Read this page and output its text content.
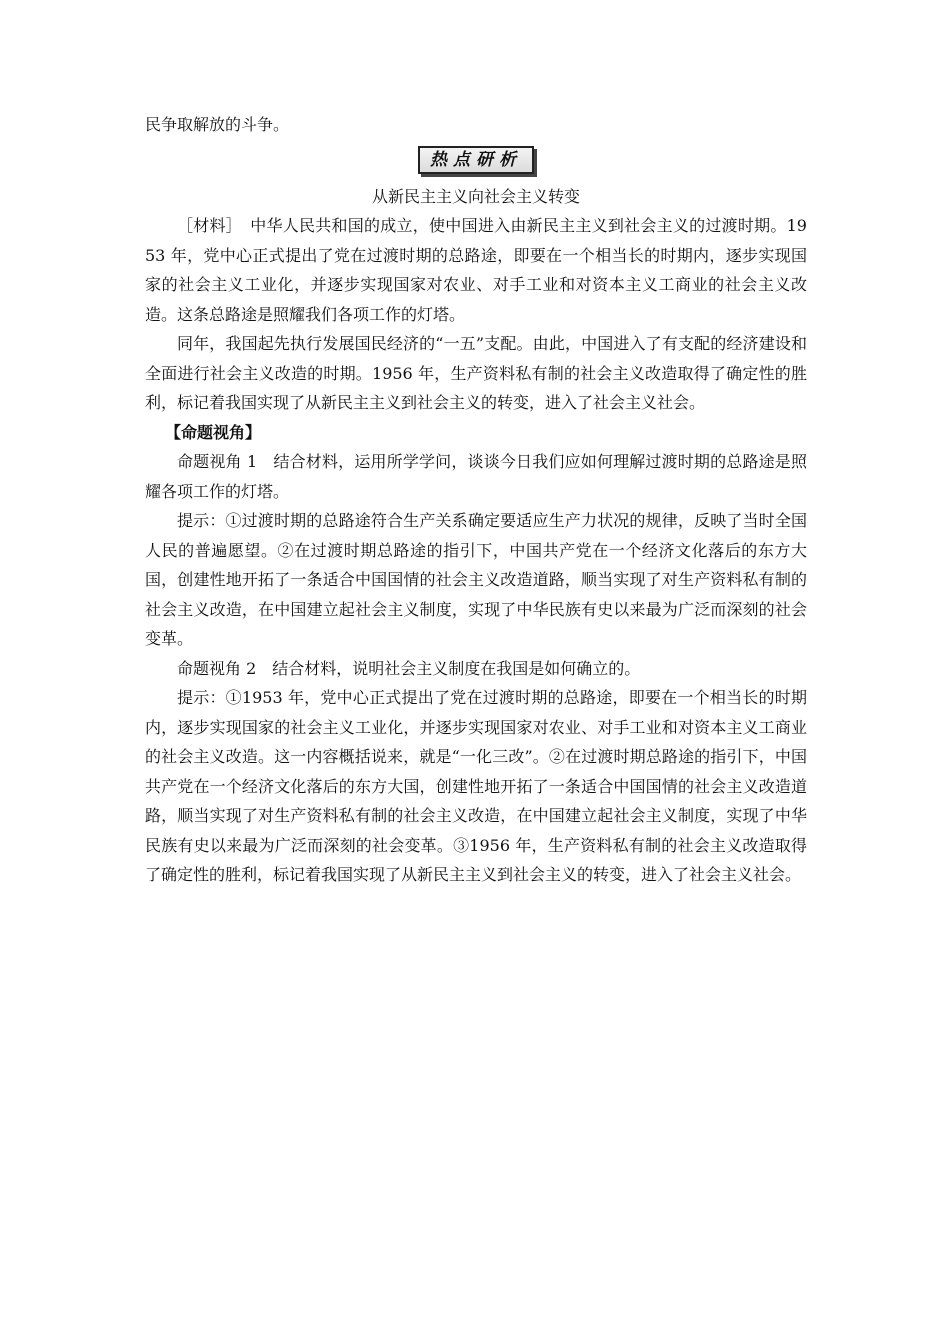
民争取解放的斗争。

热点研析
从新民主主义向社会主义转变

［材料］　 中华人民共和国的成立，使中国进入由新民主主义到社会主义的过渡时期。1953 年，党中心正式提出了党在过渡时期的总路途，即要在一个相当长的时期内，逐步实现国家的社会主义工业化，并逐步实现国家对农业、对手工业和对资本主义工商业的社会主义改造。这条总路途是照耀我们各项工作的灯塔。

同年，我国起先执行发展国民经济的“一五”支配。由此，中国进入了有支配的经济建设和全面进行社会主义改造的时期。1956 年，生产资料私有制的社会主义改造取得了确定性的胜利，标记着我国实现了从新民主主义到社会主义的转变，进入了社会主义社会。

【命题视角】

命题视角 1　 结合材料，运用所学学问，谈谈今日我们应如何理解过渡时期的总路途是照耀各项工作的灯塔。

提示：①过渡时期的总路途符合生产关系确定要适应生产力状况的规律，反映了当时全国人民的普遍愿望。②在过渡时期总路途的指引下，中国共产党在一个经济文化落后的东方大国，创建性地开拓了一条适合中国国情的社会主义改造道路，顺当实现了对生产资料私有制的社会主义改造，在中国建立起社会主义制度，实现了中华民族有史以来最为广泛而深刻的社会变革。

命题视角 2　 结合材料，说明社会主义制度在我国是如何确立的。

提示：①1953 年，党中心正式提出了党在过渡时期的总路途，即要在一个相当长的时期内，逐步实现国家的社会主义工业化，并逐步实现国家对农业、对手工业和对资本主义工商业的社会主义改造。这一内容概括说来，就是“一化三改”。②在过渡时期总路途的指引下，中国共产党在一个经济文化落后的东方大国，创建性地开拓了一条适合中国国情的社会主义改造道路，顺当实现了对生产资料私有制的社会主义改造，在中国建立起社会主义制度，实现了中华民族有史以来最为广泛而深刻的社会变革。③1956 年，生产资料私有制的社会主义改造取得了确定性的胜利，标记着我国实现了从新民主主义到社会主义的转变，进入了社会主义社会。
